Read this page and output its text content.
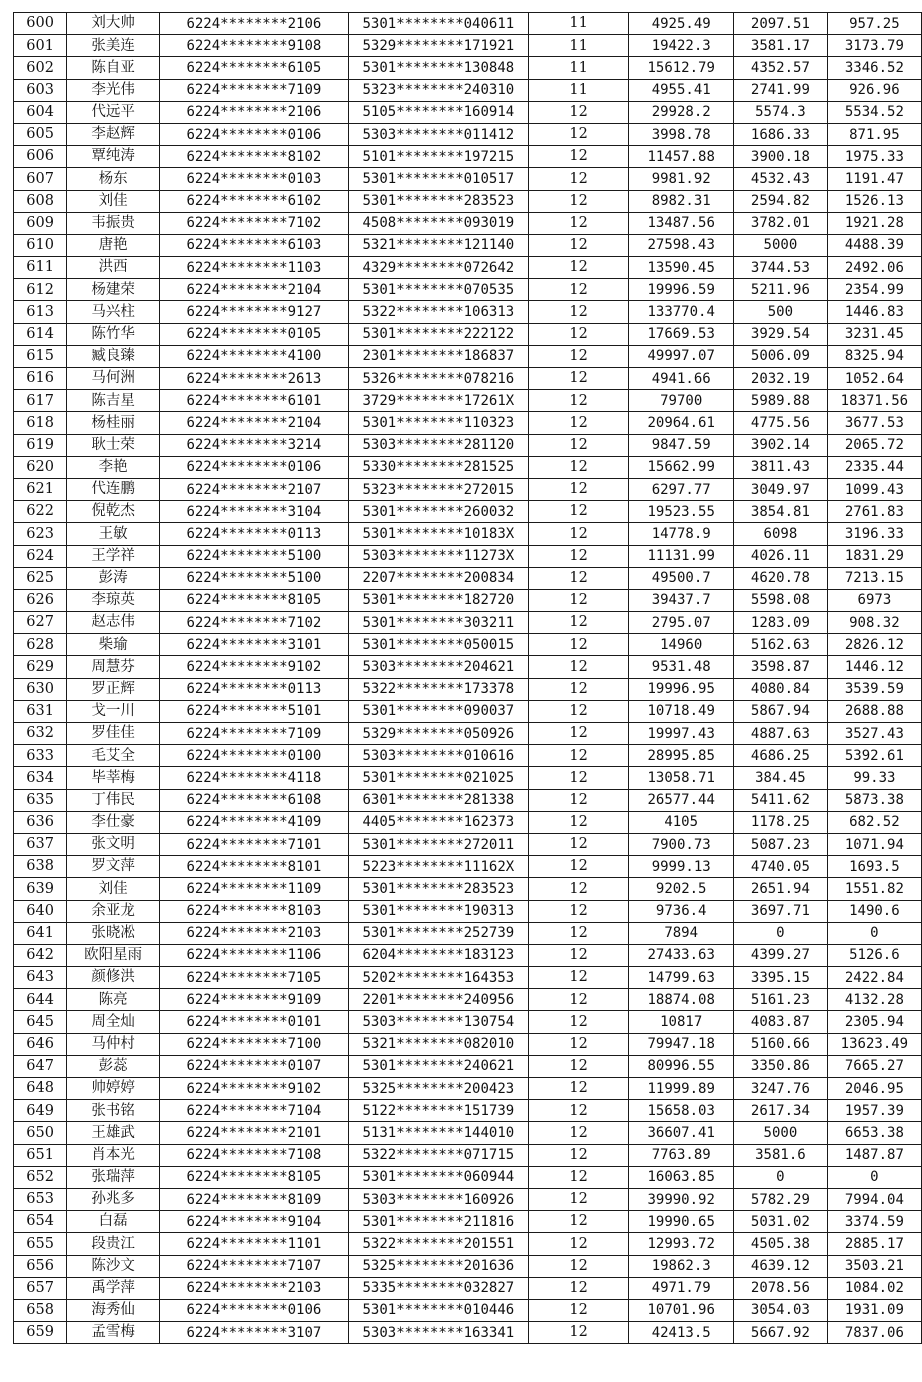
600	刘大帅	6224********2106	5301********040611	11	4925.49	2097.51	957.25
601	张美连	6224********9108	5329********171921	11	19422.3	3581.17	3173.79
602	陈自亚	6224********6105	5301********130848	11	15612.79	4352.57	3346.52
603	李光伟	6224********7109	5323********240310	11	4955.41	2741.99	926.96
604	代远平	6224********2106	5105********160914	12	29928.2	5574.3	5534.52
605	李赵辉	6224********0106	5303********011412	12	3998.78	1686.33	871.95
606	覃纯涛	6224********8102	5101********197215	12	11457.88	3900.18	1975.33
607	杨东	6224********0103	5301********010517	12	9981.92	4532.43	1191.47
608	刘佳	6224********6102	5301********283523	12	8982.31	2594.82	1526.13
609	韦振贵	6224********7102	4508********093019	12	13487.56	3782.01	1921.28
610	唐艳	6224********6103	5321********121140	12	27598.43	5000	4488.39
611	洪西	6224********1103	4329********072642	12	13590.45	3744.53	2492.06
612	杨建荣	6224********2104	5301********070535	12	19996.59	5211.96	2354.99
613	马兴柱	6224********9127	5322********106313	12	133770.4	500	1446.83
614	陈竹华	6224********0105	5301********222122	12	17669.53	3929.54	3231.45
615	臧良臻	6224********4100	2301********186837	12	49997.07	5006.09	8325.94
616	马何洲	6224********2613	5326********078216	12	4941.66	2032.19	1052.64
617	陈吉星	6224********6101	3729********17261X	12	79700	5989.88	18371.56
618	杨桂丽	6224********2104	5301********110323	12	20964.61	4775.56	3677.53
619	耿士荣	6224********3214	5303********281120	12	9847.59	3902.14	2065.72
620	李艳	6224********0106	5330********281525	12	15662.99	3811.43	2335.44
621	代连鹏	6224********2107	5323********272015	12	6297.77	3049.97	1099.43
622	倪乾杰	6224********3104	5301********260032	12	19523.55	3854.81	2761.83
623	王敏	6224********0113	5301********10183X	12	14778.9	6098	3196.33
624	王学祥	6224********5100	5303********11273X	12	11131.99	4026.11	1831.29
625	彭涛	6224********5100	2207********200834	12	49500.7	4620.78	7213.15
626	李琼英	6224********8105	5301********182720	12	39437.7	5598.08	6973
627	赵志伟	6224********7102	5301********303211	12	2795.07	1283.09	908.32
628	柴瑜	6224********3101	5301********050015	12	14960	5162.63	2826.12
629	周慧芬	6224********9102	5303********204621	12	9531.48	3598.87	1446.12
630	罗正辉	6224********0113	5322********173378	12	19996.95	4080.84	3539.59
631	戈一川	6224********5101	5301********090037	12	10718.49	5867.94	2688.88
632	罗佳佳	6224********7109	5329********050926	12	19997.43	4887.63	3527.43
633	毛艾全	6224********0100	5303********010616	12	28995.85	4686.25	5392.61
634	毕莘梅	6224********4118	5301********021025	12	13058.71	384.45	99.33
635	丁伟民	6224********6108	6301********281338	12	26577.44	5411.62	5873.38
636	李仕豪	6224********4109	4405********162373	12	4105	1178.25	682.52
637	张文明	6224********7101	5301********272011	12	7900.73	5087.23	1071.94
638	罗文萍	6224********8101	5223********11162X	12	9999.13	4740.05	1693.5
639	刘佳	6224********1109	5301********283523	12	9202.5	2651.94	1551.82
640	余亚龙	6224********8103	5301********190313	12	9736.4	3697.71	1490.6
641	张晓凇	6224********2103	5301********252739	12	7894	0	0
642	欧阳星雨	6224********1106	6204********183123	12	27433.63	4399.27	5126.6
643	颜修洪	6224********7105	5202********164353	12	14799.63	3395.15	2422.84
644	陈亮	6224********9109	2201********240956	12	18874.08	5161.23	4132.28
645	周全灿	6224********0101	5303********130754	12	10817	4083.87	2305.94
646	马仲村	6224********7100	5321********082010	12	79947.18	5160.66	13623.49
647	彭蕊	6224********0107	5301********240621	12	80996.55	3350.86	7665.27
648	帅婷婷	6224********9102	5325********200423	12	11999.89	3247.76	2046.95
649	张书铭	6224********7104	5122********151739	12	15658.03	2617.34	1957.39
650	王雄武	6224********2101	5131********144010	12	36607.41	5000	6653.38
651	肖本光	6224********7108	5322********071715	12	7763.89	3581.6	1487.87
652	张瑞萍	6224********8105	5301********060944	12	16063.85	0	0
653	孙兆多	6224********8109	5303********160926	12	39990.92	5782.29	7994.04
654	白磊	6224********9104	5301********211816	12	19990.65	5031.02	3374.59
655	段贵江	6224********1101	5322********201551	12	12993.72	4505.38	2885.17
656	陈沙文	6224********7107	5325********201636	12	19862.3	4639.12	3503.21
657	禹学萍	6224********2103	5335********032827	12	4971.79	2078.56	1084.02
658	海秀仙	6224********0106	5301********010446	12	10701.96	3054.03	1931.09
659	孟雪梅	6224********3107	5303********163341	12	42413.5	5667.92	7837.06
